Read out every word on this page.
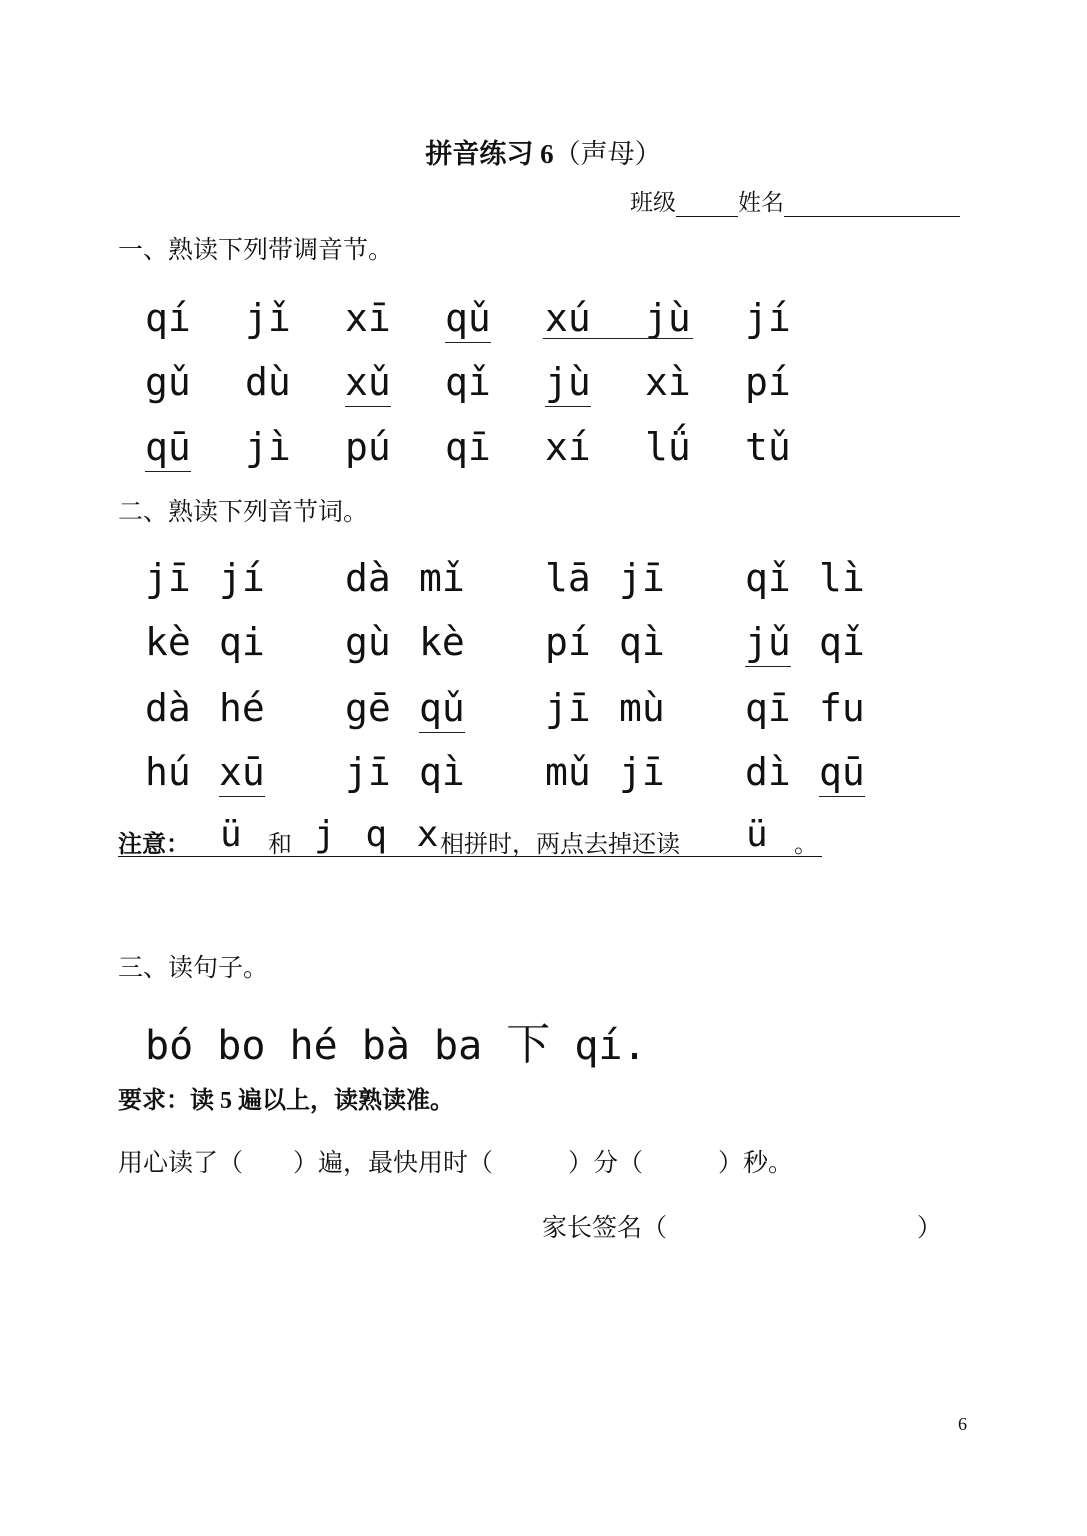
拼音练习 6（声母）
班级	姓名
一、熟读下列带调音节。
qí jǐ xī qǔ xú jù jí
gǔ dù xǔ qǐ jù xì pí
qū jì pú qī xí lǘ tǔ
二、熟读下列音节词。
jī jí dà mǐ lā jī qǐ lì
kè qi gù kè pí qì jǔ qǐ
dà hé gē qǔ jī mù qī fu
hú xū jī qì mǔ jī dì qū
注意： ü 和 j q x
相拼时，两点去掉还读 ü 。
三、读句子。
bó bo hé bà ba 下 qí.
要求：读 5 遍以上，读熟读准。
用心读了（　　）遍，最快用时（　　　）分（　　　）秒。
家长签名（　　　　　　　　　　）
6
